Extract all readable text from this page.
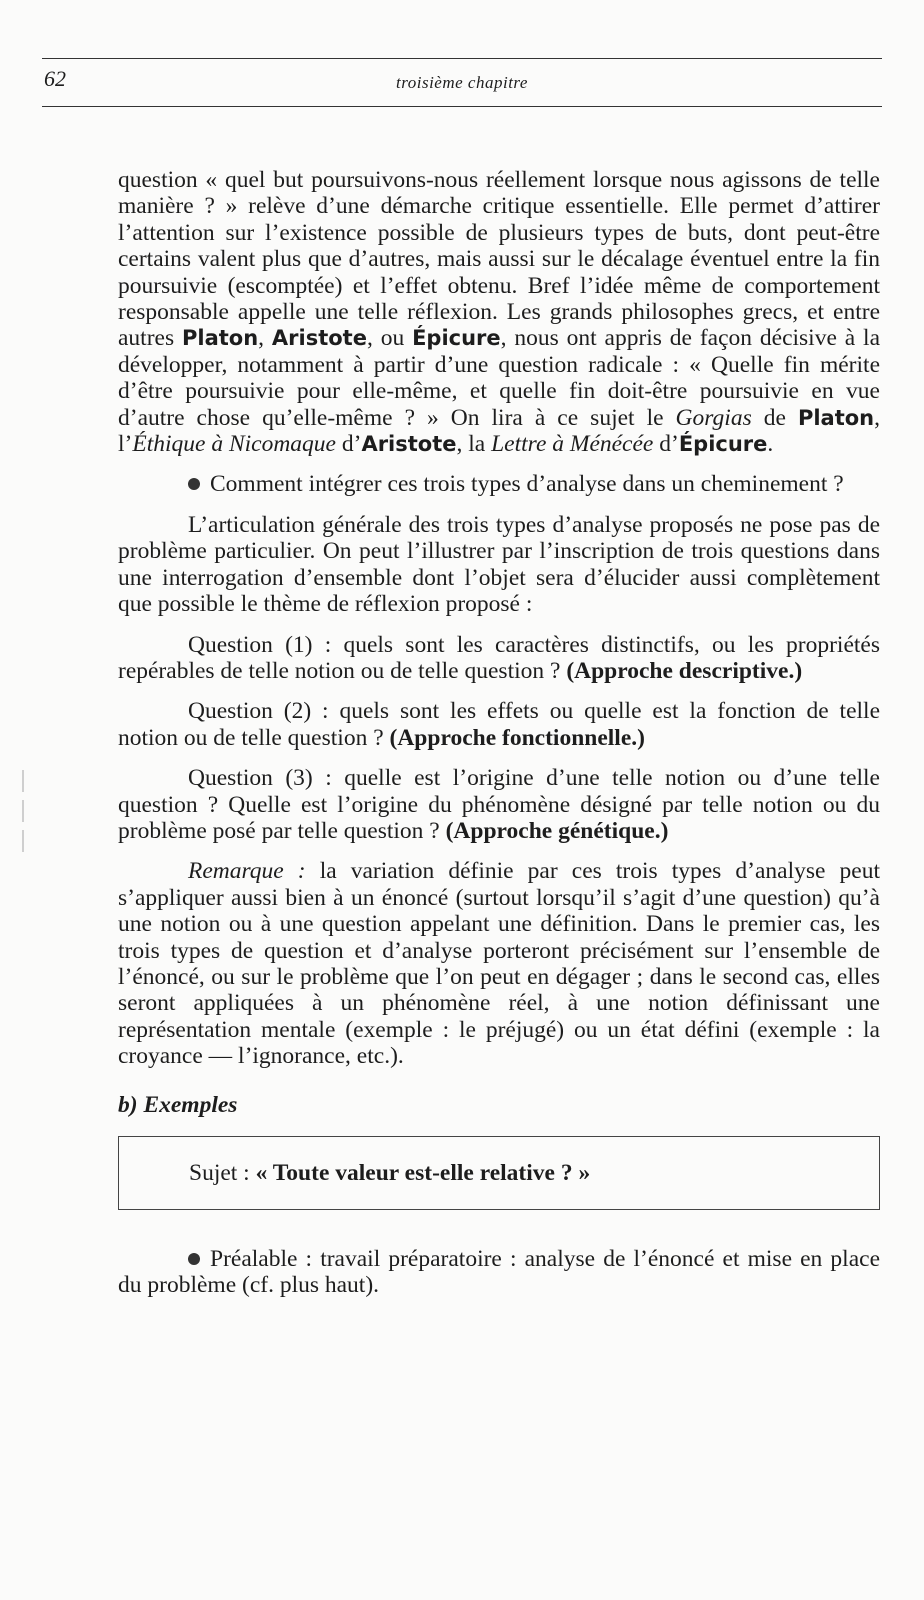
62	troisième chapitre

question « quel but poursuivons-nous réellement lorsque nous agissons de telle manière ? » relève d’une démarche critique essentielle. Elle permet d’attirer l’attention sur l’existence possible de plusieurs types de buts, dont peut-être certains valent plus que d’autres, mais aussi sur le décalage éventuel entre la fin poursuivie (escomptée) et l’effet obtenu. Bref l’idée même de comportement responsable appelle une telle réflexion. Les grands philosophes grecs, et entre autres Platon, Aristote, ou Épicure, nous ont appris de façon décisive à la développer, notamment à partir d’une question radicale : « Quelle fin mérite d’être poursuivie pour elle-même, et quelle fin doit-être poursuivie en vue d’autre chose qu’elle-même ? » On lira à ce sujet le Gorgias de Platon, l’Éthique à Nicomaque d’Aristote, la Lettre à Ménécée d’Épicure.

Comment intégrer ces trois types d’analyse dans un cheminement ?

L’articulation générale des trois types d’analyse proposés ne pose pas de problème particulier. On peut l’illustrer par l’inscription de trois questions dans une interrogation d’ensemble dont l’objet sera d’élucider aussi complètement que possible le thème de réflexion proposé :

Question (1) : quels sont les caractères distinctifs, ou les propriétés repérables de telle notion ou de telle question ? (Approche descriptive.)

Question (2) : quels sont les effets ou quelle est la fonction de telle notion ou de telle question ? (Approche fonctionnelle.)

Question (3) : quelle est l’origine d’une telle notion ou d’une telle question ? Quelle est l’origine du phénomène désigné par telle notion ou du problème posé par telle question ? (Approche génétique.)

Remarque : la variation définie par ces trois types d’analyse peut s’appliquer aussi bien à un énoncé (surtout lorsqu’il s’agit d’une question) qu’à une notion ou à une question appelant une définition. Dans le premier cas, les trois types de question et d’analyse porteront précisément sur l’ensemble de l’énoncé, ou sur le problème que l’on peut en dégager ; dans le second cas, elles seront appliquées à un phénomène réel, à une notion définissant une représentation mentale (exemple : le préjugé) ou un état défini (exemple : la croyance — l’ignorance, etc.).

b) Exemples

Sujet :
« Toute valeur est-elle relative ? »

Préalable : travail préparatoire : analyse de l’énoncé et mise en place du problème (cf. plus haut).
